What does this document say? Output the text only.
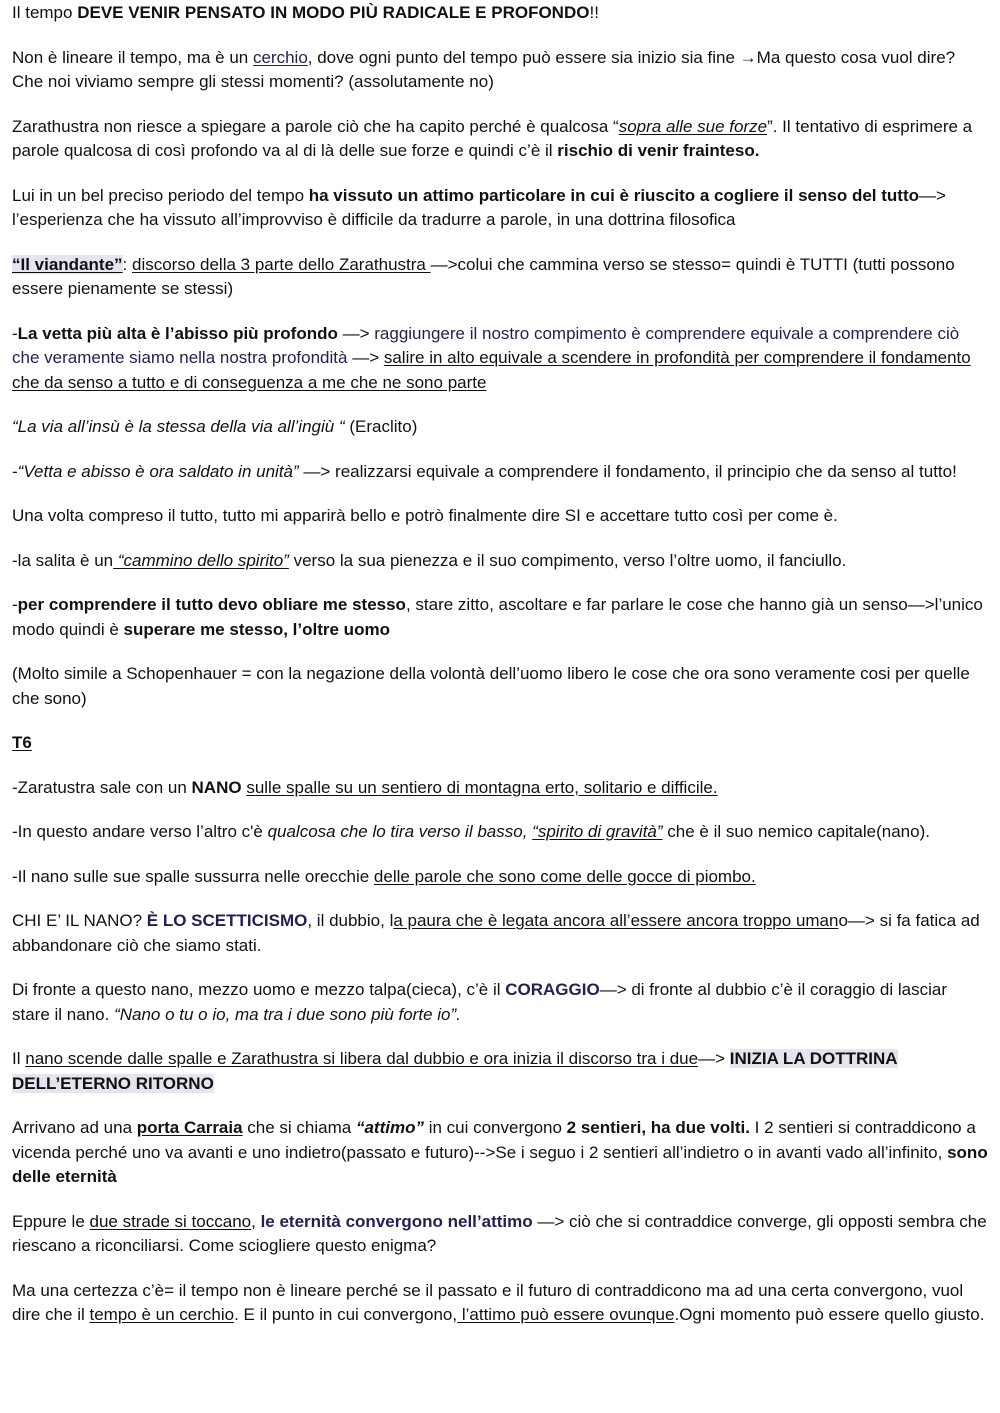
Il tempo DEVE VENIR PENSATO IN MODO PIÙ RADICALE E PROFONDO!!

Non è lineare il tempo, ma è un cerchio, dove ogni punto del tempo può essere sia inizio sia fine →Ma questo cosa vuol dire? Che noi viviamo sempre gli stessi momenti? (assolutamente no)

Zarathustra non riesce a spiegare a parole ciò che ha capito perché è qualcosa “sopra alle sue forze”. Il tentativo di esprimere a parole qualcosa di così profondo va al di là delle sue forze e quindi c’è il rischio di venir frainteso.

Lui in un bel preciso periodo del tempo ha vissuto un attimo particolare in cui è riuscito a cogliere il senso del tutto—> l’esperienza che ha vissuto all’improvviso è difficile da tradurre a parole, in una dottrina filosofica

“Il viandante”: discorso della 3 parte dello Zarathustra —>colui che cammina verso se stesso= quindi è TUTTI (tutti possono essere pienamente se stessi)

-La vetta più alta è l’abisso più profondo —> raggiungere il nostro compimento è comprendere equivale a comprendere ciò che veramente siamo nella nostra profondità —> salire in alto equivale a scendere in profondità per comprendere il fondamento che da senso a tutto e di conseguenza a me che ne sono parte

“La via all’insù è la stessa della via all’ingiù “ (Eraclito)

-“Vetta e abisso è ora saldato in unità” —> realizzarsi equivale a comprendere il fondamento, il principio che da senso al tutto!

Una volta compreso il tutto, tutto mi apparirà bello e potrò finalmente dire SI e accettare tutto così per come è.

-la salita è un “cammino dello spirito” verso la sua pienezza e il suo compimento, verso l’oltre uomo, il fanciullo.

-per comprendere il tutto devo obliare me stesso, stare zitto, ascoltare e far parlare le cose che hanno già un senso—>l’unico modo quindi è superare me stesso, l’oltre uomo

(Molto simile a Schopenhauer = con la negazione della volontà dell’uomo libero le cose che ora sono veramente cosi per quelle che sono)

T6

-Zaratustra sale con un NANO sulle spalle su un sentiero di montagna erto, solitario e difficile.

-In questo andare verso l’altro c'è qualcosa che lo tira verso il basso, “spirito di gravità” che è il suo nemico capitale(nano).

-Il nano sulle sue spalle sussurra nelle orecchie delle parole che sono come delle gocce di piombo.

CHI E’ IL NANO? È LO SCETTICISMO, il dubbio, la paura che è legata ancora all’essere ancora troppo umano—> si fa fatica ad abbandonare ciò che siamo stati.

Di fronte a questo nano, mezzo uomo e mezzo talpa(cieca), c’è il CORAGGIO—> di fronte al dubbio c’è il coraggio di lasciar stare il nano. “Nano o tu o io, ma tra i due sono più forte io”.

Il nano scende dalle spalle e Zarathustra si libera dal dubbio e ora inizia il discorso tra i due—> INIZIA LA DOTTRINA DELL’ETERNO RITORNO

Arrivano ad una porta Carraia che si chiama “attimo” in cui convergono 2 sentieri, ha due volti. I 2 sentieri si contraddicono a vicenda perché uno va avanti e uno indietro(passato e futuro)-->Se i seguo i 2 sentieri all’indietro o in avanti vado all’infinito, sono delle eternità

Eppure le due strade si toccano, le eternità convergono nell’attimo —> ciò che si contraddice converge, gli opposti sembra che riescano a riconciliarsi. Come sciogliere questo enigma?

Ma una certezza c’è= il tempo non è lineare perché se il passato e il futuro di contraddicono ma ad una certa convergono, vuol dire che il tempo è un cerchio. E il punto in cui convergono, l’attimo può essere ovunque.Ogni momento può essere quello giusto.
